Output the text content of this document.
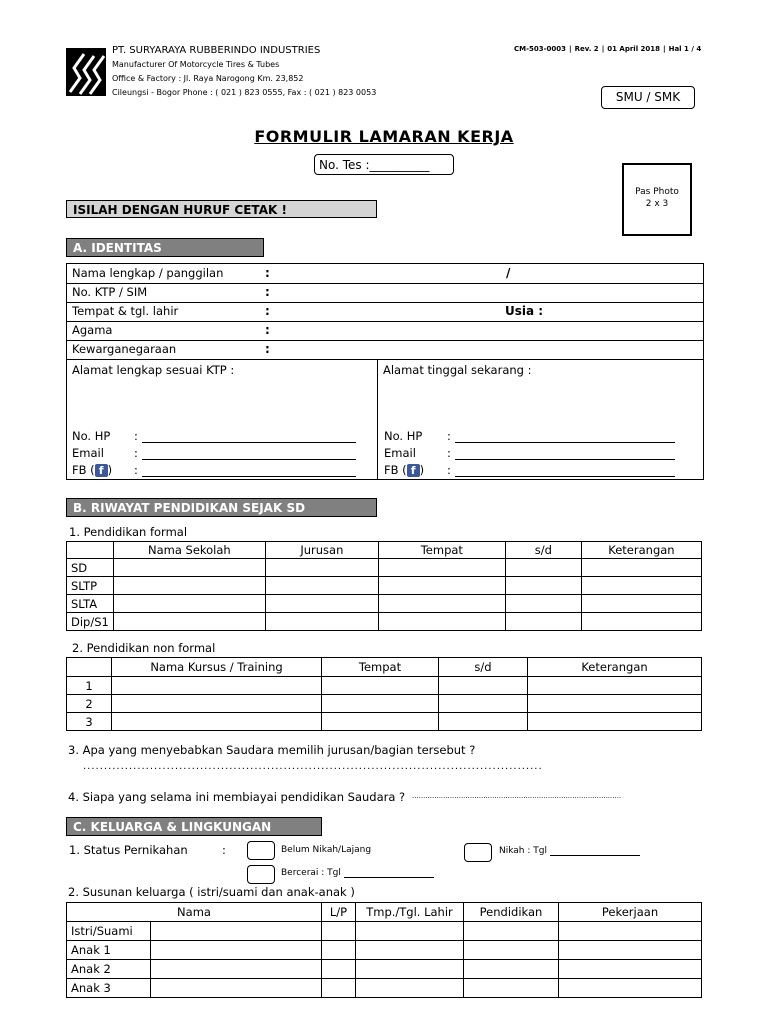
PT. SURYARAYA RUBBERINDO INDUSTRIES
Manufacturer Of Motorcycle Tires & Tubes
Office & Factory : Jl. Raya Narogong Km. 23,852
Cileungsi - Bogor Phone : ( 021 ) 823 0555, Fax : ( 021 ) 823 0053
CM-503-0003 | Rev. 2 | 01 April 2018 | Hal 1 / 4
SMU / SMK
FORMULIR LAMARAN KERJA
No. Tes :__________
Pas Photo
2 x 3
ISILAH DENGAN HURUF CETAK !
A. IDENTITAS
Nama lengkap / panggilan	:	/
No. KTP / SIM	:
Tempat & tgl. lahir	:	Usia :
Agama	:
Kewarganegaraan	:
Alamat lengkap sesuai KTP :	Alamat tinggal sekarang :
No. HP :
Email	:
FB ( f ) :
No. HP :
Email	:
FB ( f ) :
B. RIWAYAT PENDIDIKAN SEJAK SD
1. Pendidikan formal
	Nama Sekolah	Jurusan	Tempat	s/d	Keterangan
SD					
SLTP					
SLTA					
Dip/S1					
2. Pendidikan non formal
	Nama Kursus / Training	Tempat	s/d	Keterangan
1				
2				
3				
3. Apa yang menyebabkan Saudara memilih jurusan/bagian tersebut ?
..............................................................................................................
4. Siapa yang selama ini membiayai pendidikan Saudara ? ..............................................................................................
C. KELUARGA & LINGKUNGAN
1. Status Pernikahan	:	Belum Nikah/Lajang	Nikah : Tgl
Bercerai : Tgl
2. Susunan keluarga ( istri/suami dan anak-anak )
Nama		L/P	Tmp./Tgl. Lahir	Pendidikan	Pekerjaan
Istri/Suami					
Anak 1					
Anak 2					
Anak 3					
